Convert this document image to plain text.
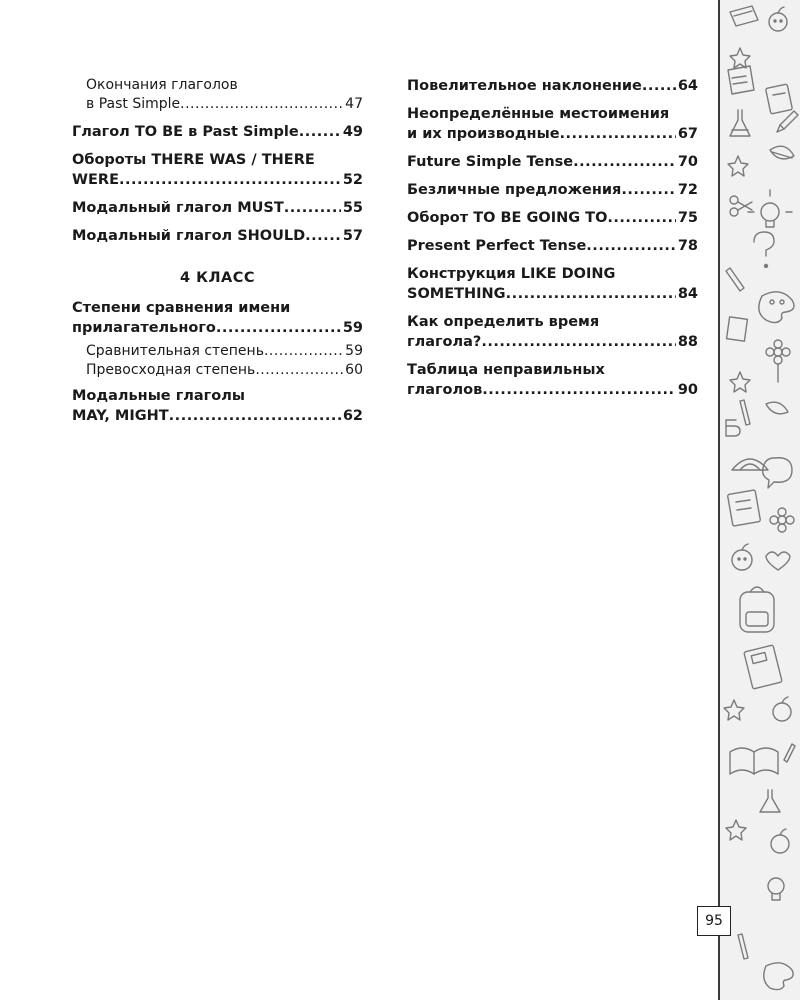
Окончания глаголов
в Past Simple .....	47
Глагол TO BE в Past Simple .....	49
Обороты THERE WAS / THERE
WERE .....	52
Модальный глагол MUST .....	55
Модальный глагол SHOULD .....	57
4 КЛАСС
Степени сравнения имени
прилагательного .....	59
Сравнительная степень .....	59
Превосходная степень .....	60
Модальные глаголы
MAY, MIGHT .....	62
Повелительное наклонение ..... 64
Неопределённые местоимения
и их производные .....	67
Future Simple Tense .....	70
Безличные предложения .....	72
Оборот TO BE GOING TO .....	75
Present Perfect Tense .....	78
Конструкция LIKE DOING
SOMETHING .....	84
Как определить время
глагола? .....	88
Таблица неправильных
глаголов .....	90
95
